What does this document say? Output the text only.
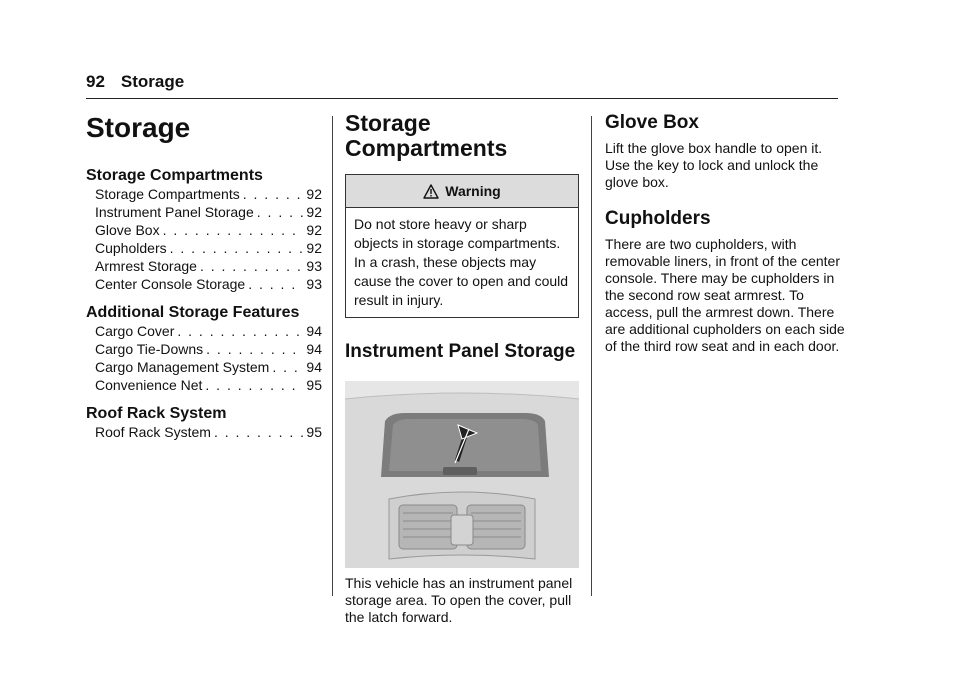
92 Storage
Storage
Storage Compartments
Storage Compartments . . .	92
Instrument Panel Storage . . .	92
Glove Box . . .	92
Cupholders . . .	92
Armrest Storage . . .	93
Center Console Storage . . .	93
Additional Storage Features
Cargo Cover . . .	94
Cargo Tie-Downs . . .	94
Cargo Management System . . .	94
Convenience Net . . .	95
Roof Rack System
Roof Rack System . . .	95
Storage
Compartments
Warning
Do not store heavy or sharp objects in storage compartments. In a crash, these objects may cause the cover to open and could result in injury.
Instrument Panel Storage

This vehicle has an instrument panel storage area. To open the cover, pull the latch forward.

Glove Box

Lift the glove box handle to open it. Use the key to lock and unlock the glove box.

Cupholders

There are two cupholders, with removable liners, in front of the center console. There may be cupholders in the second row seat armrest. To access, pull the armrest down. There are additional cupholders on each side of the third row seat and in each door.
